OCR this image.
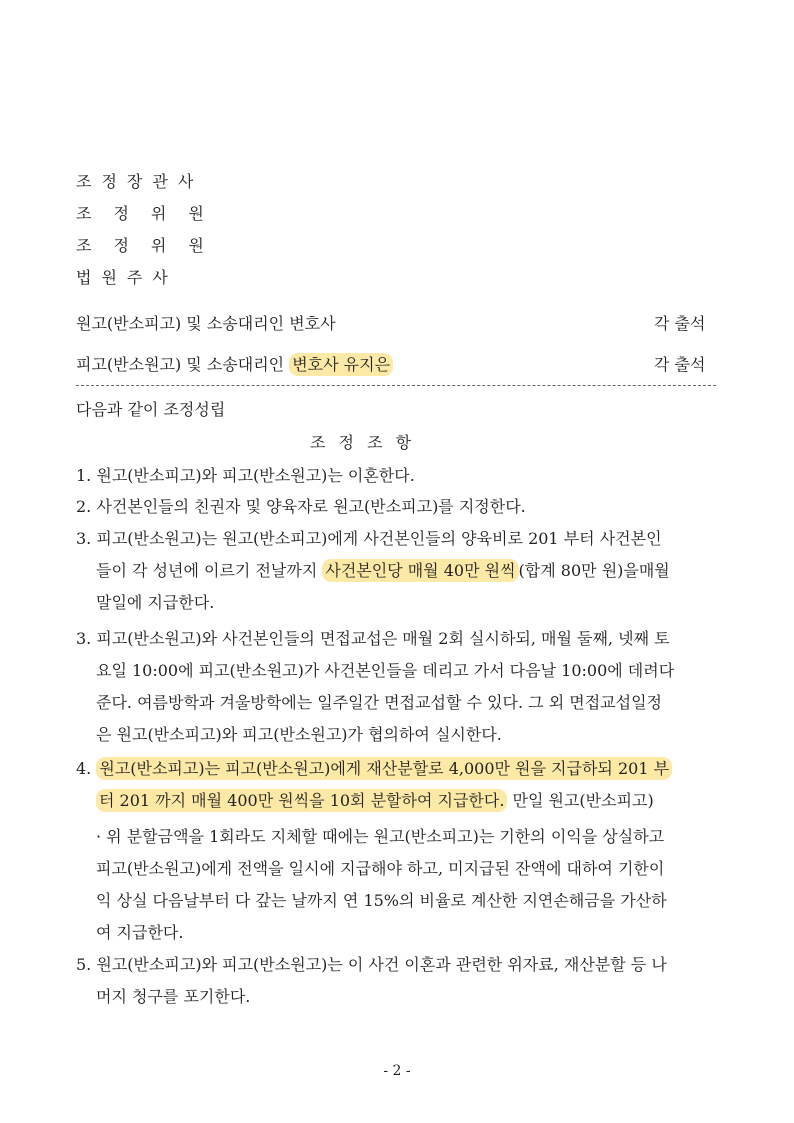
조정장관사
조정위원
조정위원
법원주사
원고(반소피고) 및 소송대리인 변호사	각 출석
피고(반소원고) 및 소송대리인 변호사 유지은	각 출석
다음과 같이 조정성립
조 정 조 항
1. 원고(반소피고)와 피고(반소원고)는 이혼한다.
2. 사건본인들의 친권자 및 양육자로 원고(반소피고)를 지정한다.
3. 피고(반소원고)는 원고(반소피고)에게 사건본인들의 양육비로 201 부터 사건본인
들이 각 성년에 이르기 전날까지 사건본인당 매월 40만 원씩 (합계 80만 원)을매월
말일에 지급한다.
3. 피고(반소원고)와 사건본인들의 면접교섭은 매월 2회 실시하되, 매월 둘째, 넷째 토
요일 10:00에 피고(반소원고)가 사건본인들을 데리고 가서 다음날 10:00에 데려다
준다. 여름방학과 겨울방학에는 일주일간 면접교섭할 수 있다. 그 외 면접교섭일정
은 원고(반소피고)와 피고(반소원고)가 협의하여 실시한다.
4. 원고(반소피고)는 피고(반소원고)에게 재산분할로 4,000만 원을 지급하되 201 부
터 201 까지 매월 400만 원씩을 10회 분할하여 지급한다. 만일 원고(반소피고)
· 위 분할금액을 1회라도 지체할 때에는 원고(반소피고)는 기한의 이익을 상실하고
피고(반소원고)에게 전액을 일시에 지급해야 하고, 미지급된 잔액에 대하여 기한이
익 상실 다음날부터 다 갚는 날까지 연 15%의 비율로 계산한 지연손해금을 가산하
여 지급한다.
5. 원고(반소피고)와 피고(반소원고)는 이 사건 이혼과 관련한 위자료, 재산분할 등 나
머지 청구를 포기한다.
- 2 -
